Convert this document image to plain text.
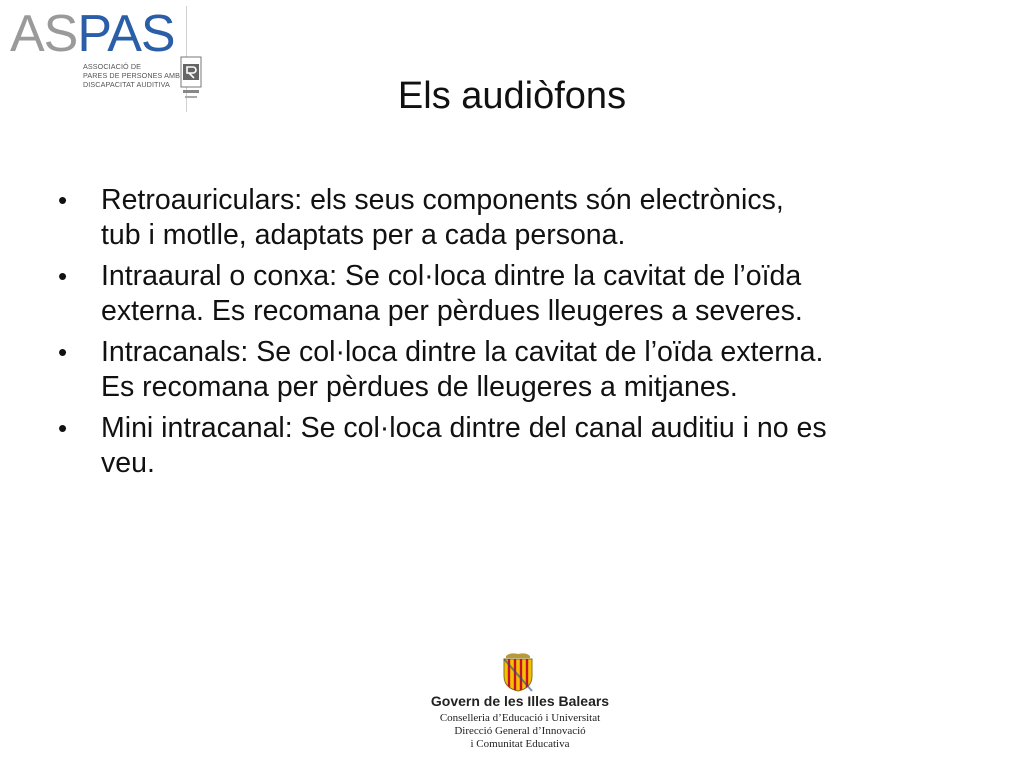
ASPAS
ASSOCIACIÓ DE
PARES DE PERSONES AMB
DISCAPACITAT AUDITIVA	Els audiòfons
• Retroauriculars: els seus components són electrònics, tub i motlle, adaptats per a cada persona.
• Intraaural o conxa: Se col·loca dintre la cavitat de l’oïda externa. Es recomana per pèrdues lleugeres a severes.
• Intracanals: Se col·loca dintre la cavitat de l’oïda externa. Es recomana per pèrdues de lleugeres a mitjanes.
• Mini intracanal: Se col·loca dintre del canal auditiu i no es veu.
Govern de les Illes Balears
Conselleria d’Educació i Universitat
Direcció General d’Innovació
i Comunitat Educativa
